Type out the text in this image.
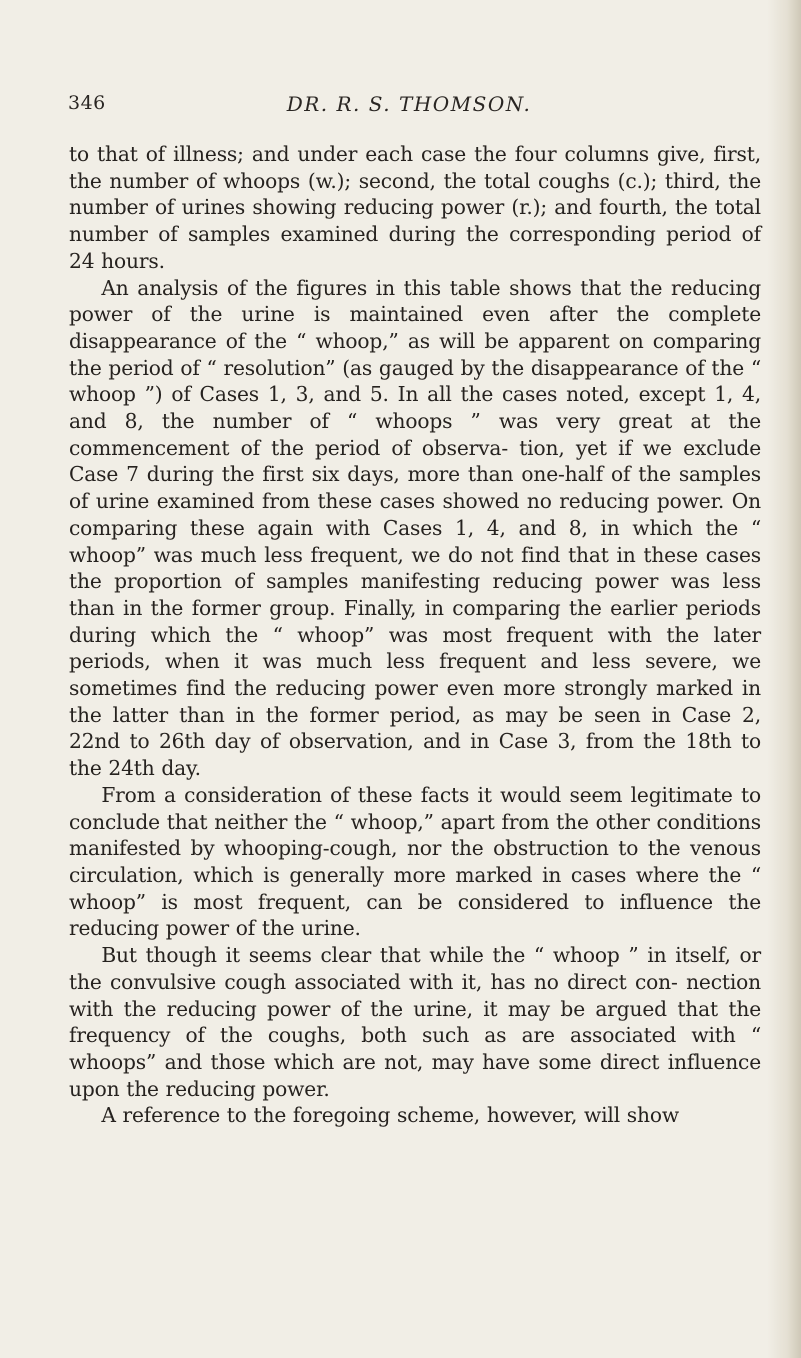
346	DR. R. S. THOMSON.

to that of illness; and under each case the four columns give, first, the number of whoops (w.); second, the total coughs (c.); third, the number of urines showing reducing power (r.); and fourth, the total number of samples examined during the corresponding period of 24 hours.

An analysis of the figures in this table shows that the reducing power of the urine is maintained even after the complete disappearance of the “ whoop,” as will be apparent on comparing the period of “ resolution” (as gauged by the disappearance of the “ whoop ”) of Cases 1, 3, and 5. In all the cases noted, except 1, 4, and 8, the number of “ whoops ” was very great at the commencement of the period of observa- tion, yet if we exclude Case 7 during the first six days, more than one-half of the samples of urine examined from these cases showed no reducing power. On comparing these again with Cases 1, 4, and 8, in which the “ whoop” was much less frequent, we do not find that in these cases the proportion of samples manifesting reducing power was less than in the former group. Finally, in comparing the earlier periods during which the “ whoop” was most frequent with the later periods, when it was much less frequent and less severe, we sometimes find the reducing power even more strongly marked in the latter than in the former period, as may be seen in Case 2, 22nd to 26th day of observation, and in Case 3, from the 18th to the 24th day.

From a consideration of these facts it would seem legitimate to conclude that neither the “ whoop,” apart from the other conditions manifested by whooping-cough, nor the obstruction to the venous circulation, which is generally more marked in cases where the “ whoop” is most frequent, can be considered to influence the reducing power of the urine.

But though it seems clear that while the “ whoop ” in itself, or the convulsive cough associated with it, has no direct con- nection with the reducing power of the urine, it may be argued that the frequency of the coughs, both such as are associated with “ whoops” and those which are not, may have some direct influence upon the reducing power.

A reference to the foregoing scheme, however, will show
